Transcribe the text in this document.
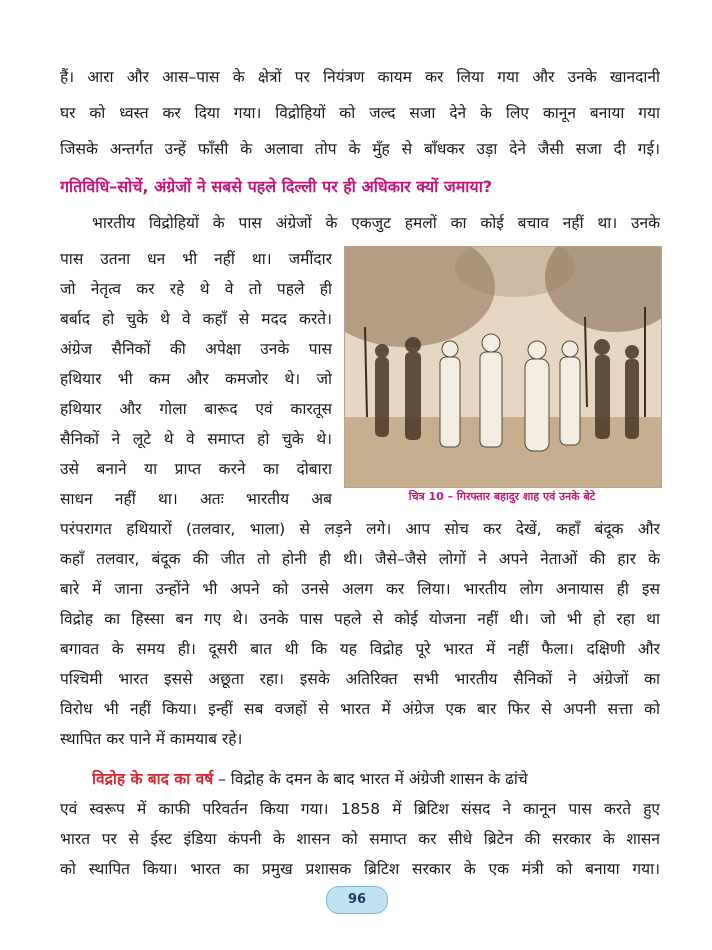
हैं। आरा और आस–पास के क्षेत्रों पर नियंत्रण कायम कर लिया गया और उनके खानदानी
घर को ध्वस्त कर दिया गया। विद्रोहियों को जल्द सजा देने के लिए कानून बनाया गया
जिसके अन्तर्गत उन्हें फाँसी के अलावा तोप के मुँह से बाँधकर उड़ा देने जैसी सजा दी गई।
गतिविधि–सोचें, अंग्रेजों ने सबसे पहले दिल्ली पर ही अधिकार क्यों जमाया?
भारतीय विद्रोहियों के पास अंग्रेजों के एकजुट हमलों का कोई बचाव नहीं था। उनके
पास उतना धन भी नहीं था। जमींदार
जो नेतृत्व कर रहे थे वे तो पहले ही
बर्बाद हो चुके थे वे कहाँ से मदद करते।
अंग्रेज सैनिकों की अपेक्षा उनके पास
हथियार भी कम और कमजोर थे। जो
हथियार और गोला बारूद एवं कारतूस
सैनिकों ने लूटे थे वे समाप्त हो चुके थे।
उसे बनाने या प्राप्त करने का दोबारा
साधन नहीं था। अतः भारतीय अब	चित्र 10 – गिरफ्तार बहादुर शाह एवं उनके बेटे
परंपरागत हथियारों (तलवार, भाला) से लड़ने लगे। आप सोच कर देखें, कहाँ बंदूक और
कहाँ तलवार, बंदूक की जीत तो होनी ही थी। जैसे–जैसे लोगों ने अपने नेताओं की हार के
बारे में जाना उन्होंने भी अपने को उनसे अलग कर लिया। भारतीय लोग अनायास ही इस
विद्रोह का हिस्सा बन गए थे। उनके पास पहले से कोई योजना नहीं थी। जो भी हो रहा था
बगावत के समय ही। दूसरी बात थी कि यह विद्रोह पूरे भारत में नहीं फैला। दक्षिणी और
पश्चिमी भारत इससे अछूता रहा। इसके अतिरिक्त सभी भारतीय सैनिकों ने अंग्रेजों का
विरोध भी नहीं किया। इन्हीं सब वजहों से भारत में अंग्रेज एक बार फिर से अपनी सत्ता को
स्थापित कर पाने में कामयाब रहे।
विद्रोह के बाद का वर्ष – विद्रोह के दमन के बाद भारत में अंग्रेजी शासन के ढांचे
एवं स्वरूप में काफी परिवर्तन किया गया। 1858 में ब्रिटिश संसद ने कानून पास करते हुए
भारत पर से ईस्ट इंडिया कंपनी के शासन को समाप्त कर सीधे ब्रिटेन की सरकार के शासन
को स्थापित किया। भारत का प्रमुख प्रशासक ब्रिटिश सरकार के एक मंत्री को बनाया गया।
96
